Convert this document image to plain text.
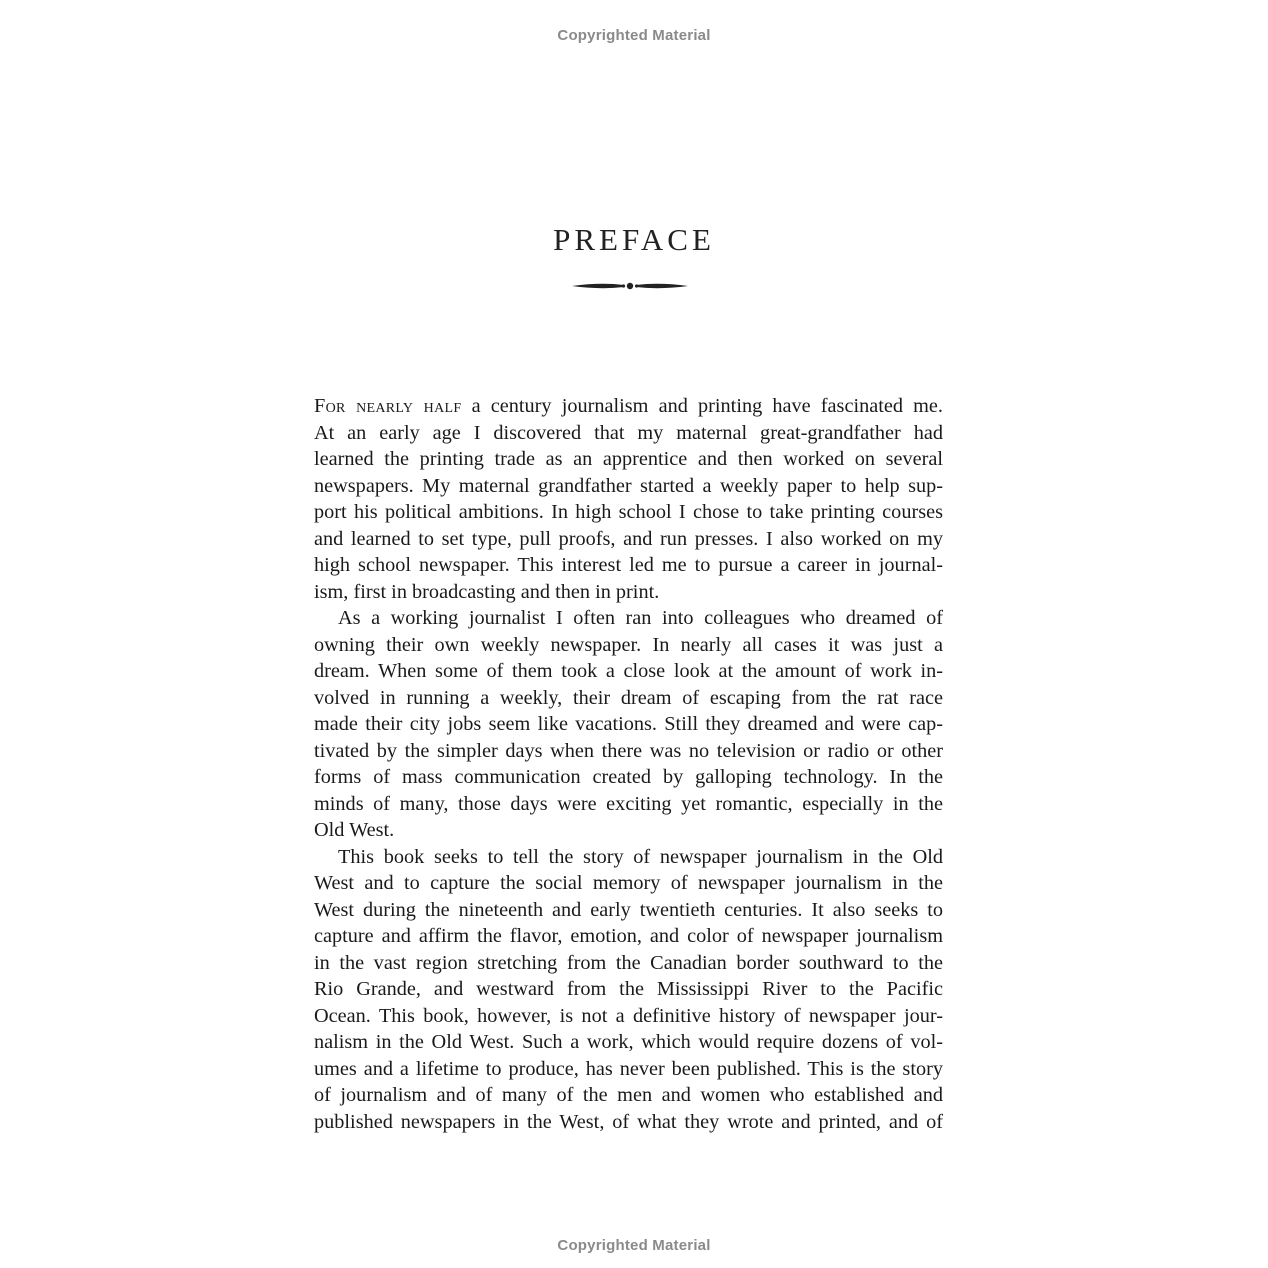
Copyrighted Material
PREFACE
For nearly half a century journalism and printing have fascinated me.
At an early age I discovered that my maternal great-grandfather had
learned the printing trade as an apprentice and then worked on several
newspapers. My maternal grandfather started a weekly paper to help sup-
port his political ambitions. In high school I chose to take printing courses
and learned to set type, pull proofs, and run presses. I also worked on my
high school newspaper. This interest led me to pursue a career in journal-
ism, first in broadcasting and then in print.
As a working journalist I often ran into colleagues who dreamed of
owning their own weekly newspaper. In nearly all cases it was just a
dream. When some of them took a close look at the amount of work in-
volved in running a weekly, their dream of escaping from the rat race
made their city jobs seem like vacations. Still they dreamed and were cap-
tivated by the simpler days when there was no television or radio or other
forms of mass communication created by galloping technology. In the
minds of many, those days were exciting yet romantic, especially in the
Old West.
This book seeks to tell the story of newspaper journalism in the Old
West and to capture the social memory of newspaper journalism in the
West during the nineteenth and early twentieth centuries. It also seeks to
capture and affirm the flavor, emotion, and color of newspaper journalism
in the vast region stretching from the Canadian border southward to the
Rio Grande, and westward from the Mississippi River to the Pacific
Ocean. This book, however, is not a definitive history of newspaper jour-
nalism in the Old West. Such a work, which would require dozens of vol-
umes and a lifetime to produce, has never been published. This is the story
of journalism and of many of the men and women who established and
published newspapers in the West, of what they wrote and printed, and of
Copyrighted Material
